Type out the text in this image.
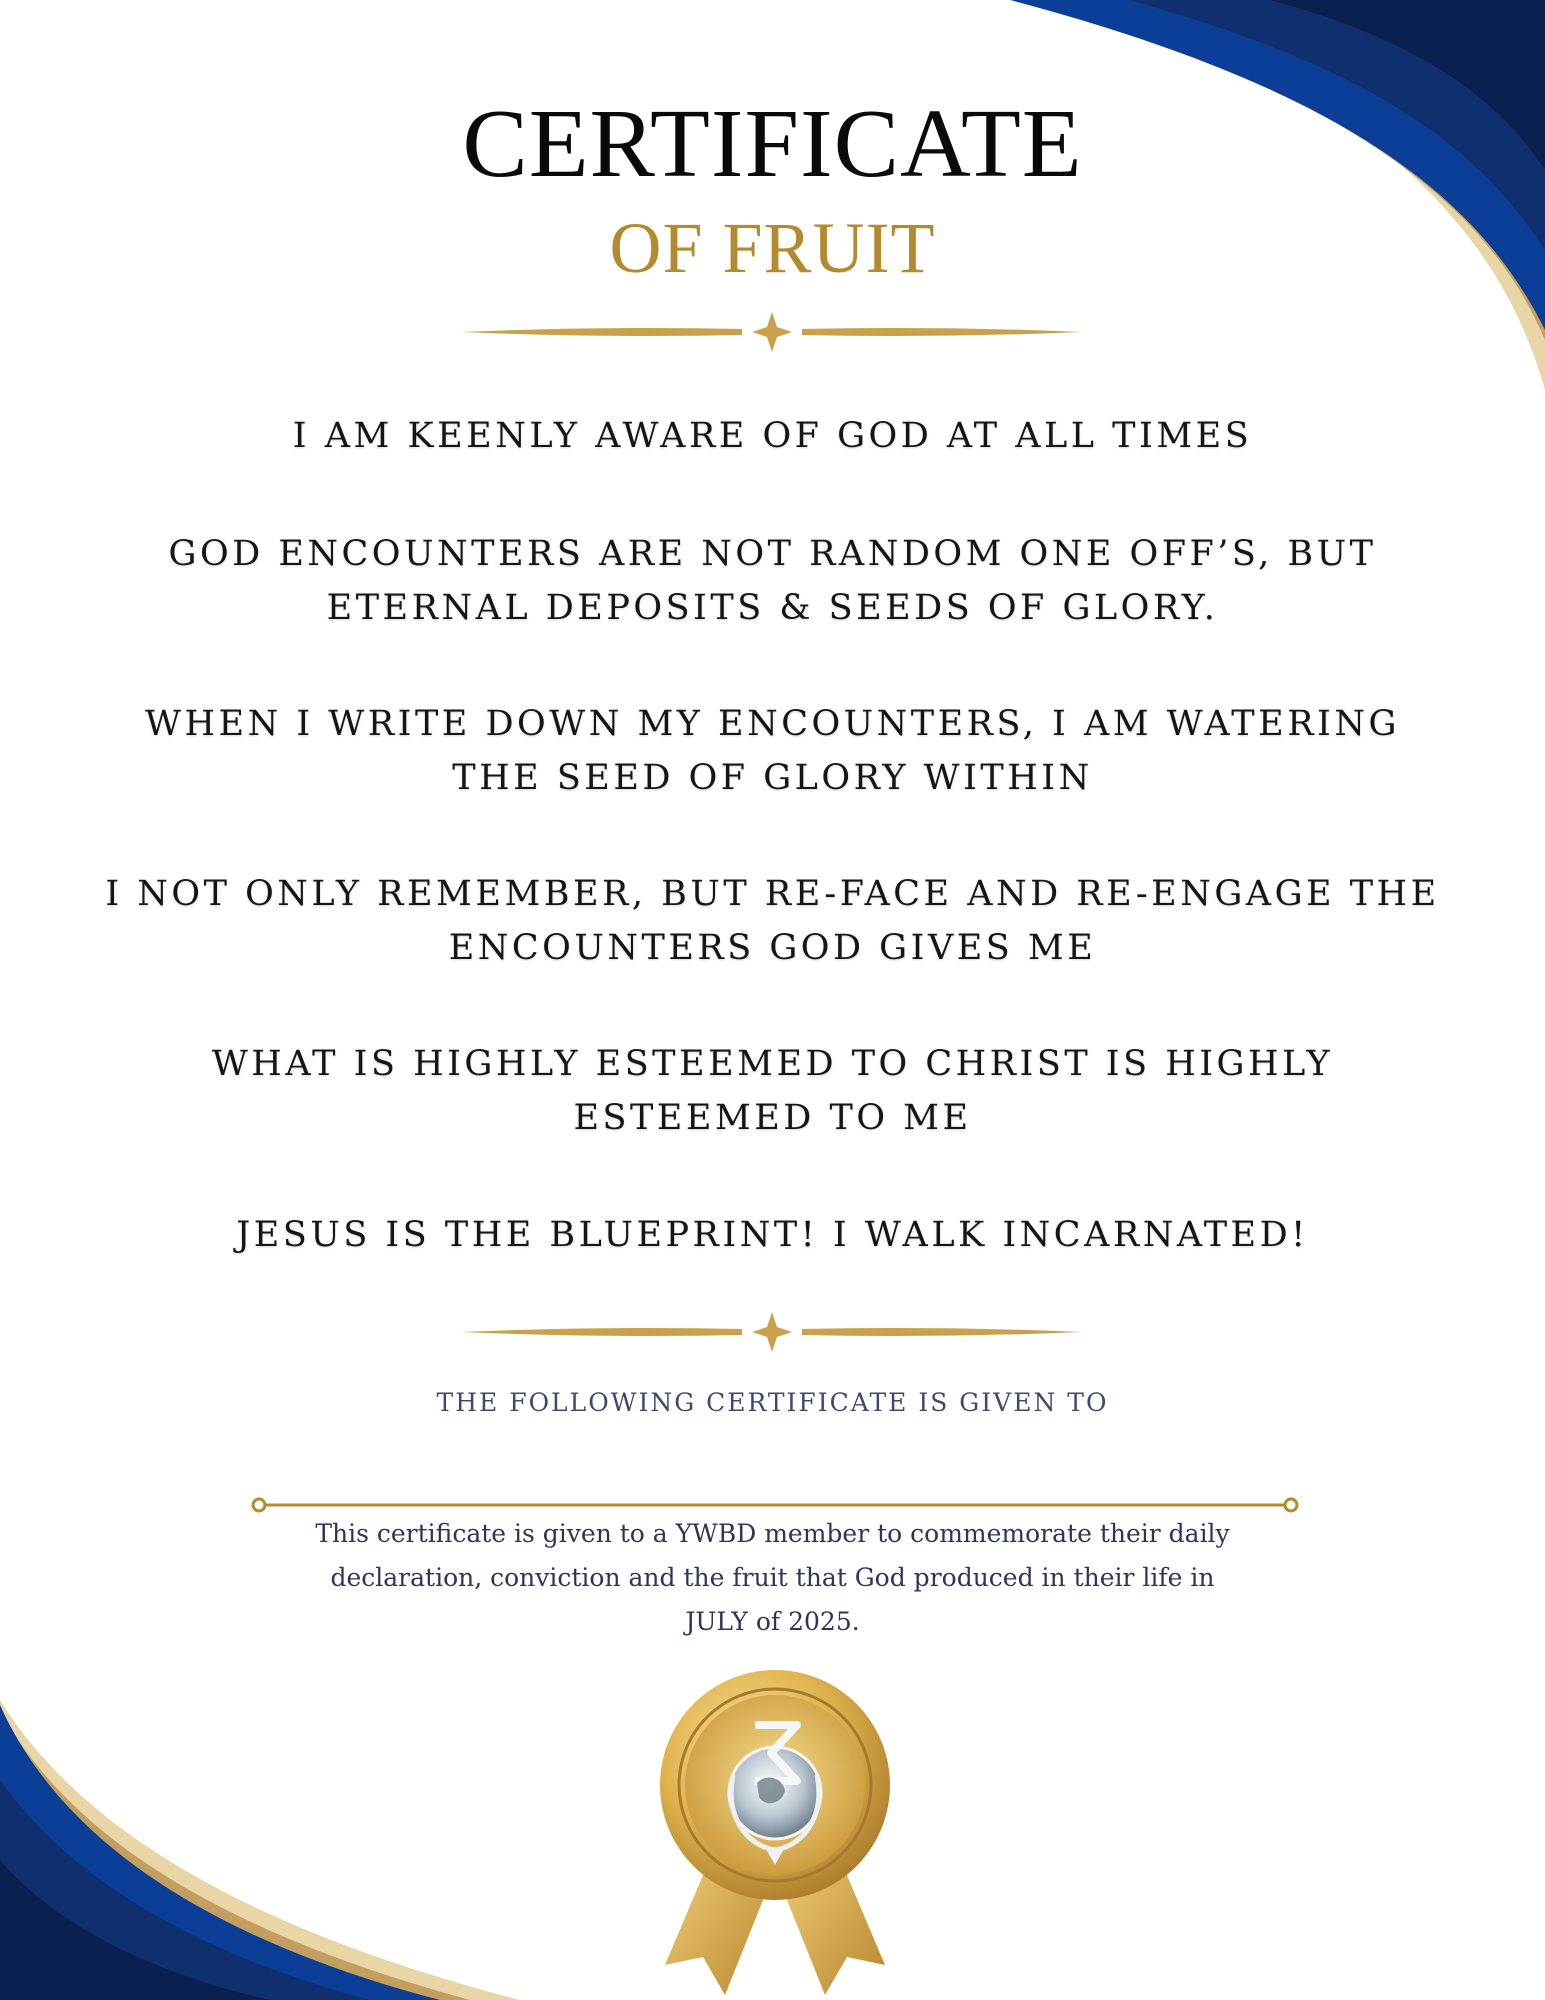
CERTIFICATE
OF FRUIT
I AM KEENLY AWARE OF GOD AT ALL TIMES
GOD ENCOUNTERS ARE NOT RANDOM ONE OFF’S, BUT ETERNAL DEPOSITS & SEEDS OF GLORY.
WHEN I WRITE DOWN MY ENCOUNTERS, I AM WATERING THE SEED OF GLORY WITHIN
I NOT ONLY REMEMBER, BUT RE-FACE AND RE-ENGAGE THE ENCOUNTERS GOD GIVES ME
WHAT IS HIGHLY ESTEEMED TO CHRIST IS HIGHLY ESTEEMED TO ME
JESUS IS THE BLUEPRINT! I WALK INCARNATED!
THE FOLLOWING CERTIFICATE IS GIVEN TO
This certificate is given to a YWBD member to commemorate their daily
declaration, conviction and the fruit that God produced in their life in
JULY of 2025.
